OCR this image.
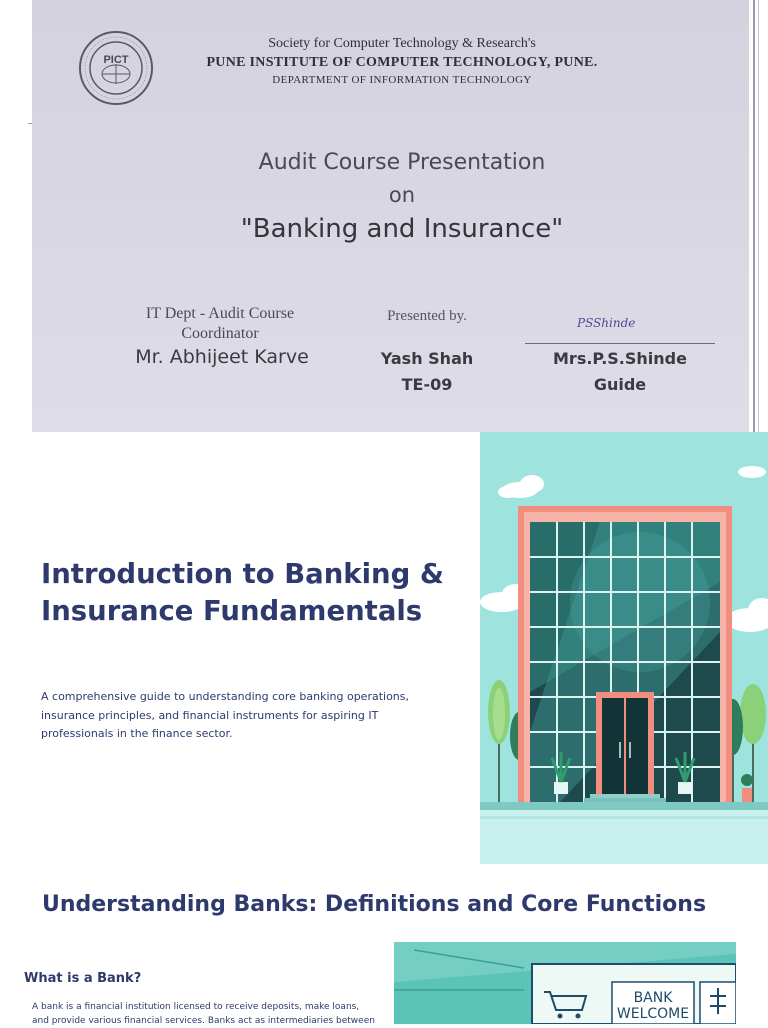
PICT
Society for Computer Technology & Research's
PUNE INSTITUTE OF COMPUTER TECHNOLOGY, PUNE.
DEPARTMENT OF INFORMATION TECHNOLOGY
Audit Course Presentation
on
"Banking and Insurance"
IT Dept - Audit Course Coordinator
Mr. Abhijeet Karve
Presented by.
Yash Shah
TE-09
PSShinde
Mrs.P.S.Shinde
Guide
Introduction to Banking & Insurance Fundamentals
A comprehensive guide to understanding core banking operations, insurance principles, and financial instruments for aspiring IT professionals in the finance sector.
Understanding Banks: Definitions and Core Functions
What is a Bank?
A bank is a financial institution licensed to receive deposits, make loans, and provide various financial services. Banks act as intermediaries between
BANK
WELCOME
